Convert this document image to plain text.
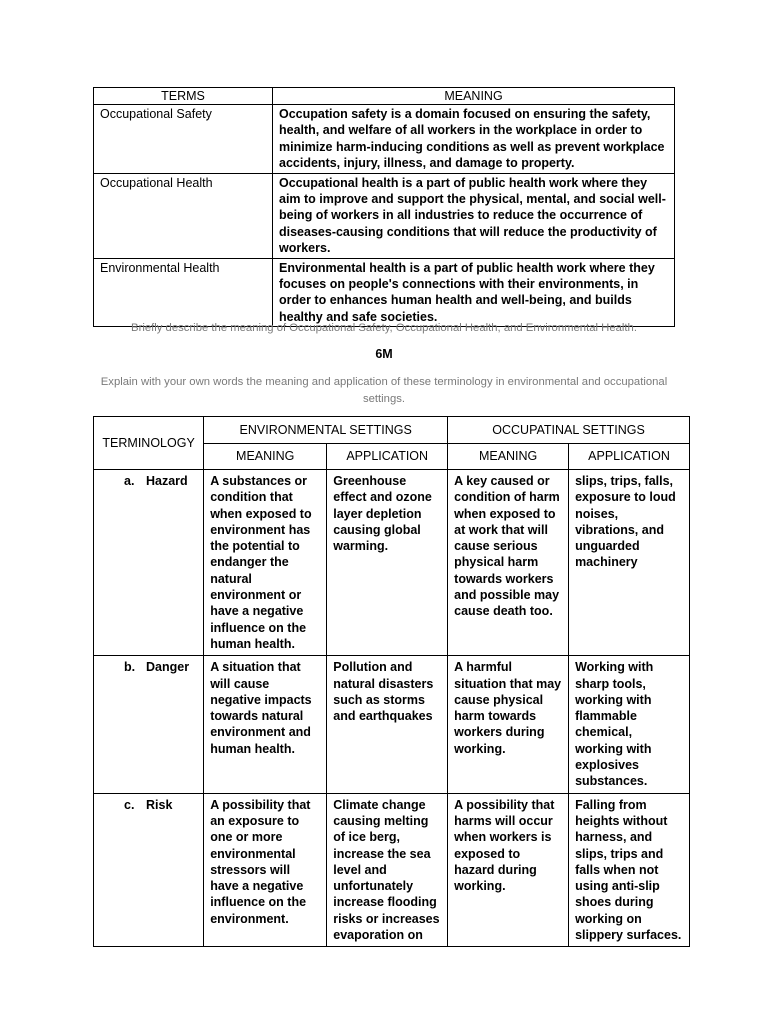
TERMS	MEANING
Occupational Safety	Occupation safety is a domain focused on ensuring the safety, health, and welfare of all workers in the workplace in order to minimize harm-inducing conditions as well as prevent workplace accidents, injury, illness, and damage to property.
Occupational Health	Occupational health is a part of public health work where they aim to improve and support the physical, mental, and social well-being of workers in all industries to reduce the occurrence of diseases-causing conditions that will reduce the productivity of workers.
Environmental Health	Environmental health is a part of public health work where they focuses on people's connections with their environments, in order to enhances human health and well-being, and builds healthy and safe societies.
Briefly describe the meaning of Occupational Safety, Occupational Health, and Environmental Health.
6M
Explain with your own words the meaning and application of these terminology in environmental and occupational settings.
TERMINOLOGY	ENVIRONMENTAL SETTINGS		OCCUPATINAL SETTINGS	
	MEANING	APPLICATION	MEANING	APPLICATION
a. Hazard	A substances or condition that when exposed to environment has the potential to endanger the natural environment or have a negative influence on the human health.	Greenhouse effect and ozone layer depletion causing global warming.	A key caused or condition of harm when exposed to at work that will cause serious physical harm towards workers and possible may cause death too.	slips, trips, falls, exposure to loud noises, vibrations, and unguarded machinery
b. Danger	A situation that will cause negative impacts towards natural environment and human health.	Pollution and natural disasters such as storms and earthquakes	A harmful situation that may cause physical harm towards workers during working.	Working with sharp tools, working with flammable chemical, working with explosives substances.
c. Risk	A possibility that an exposure to one or more environmental stressors will have a negative influence on the environment.	Climate change causing melting of ice berg, increase the sea level and unfortunately increase flooding risks or increases evaporation on	A possibility that harms will occur when workers is exposed to hazard during working.	Falling from heights without harness, and slips, trips and falls when not using anti-slip shoes during working on slippery surfaces.
